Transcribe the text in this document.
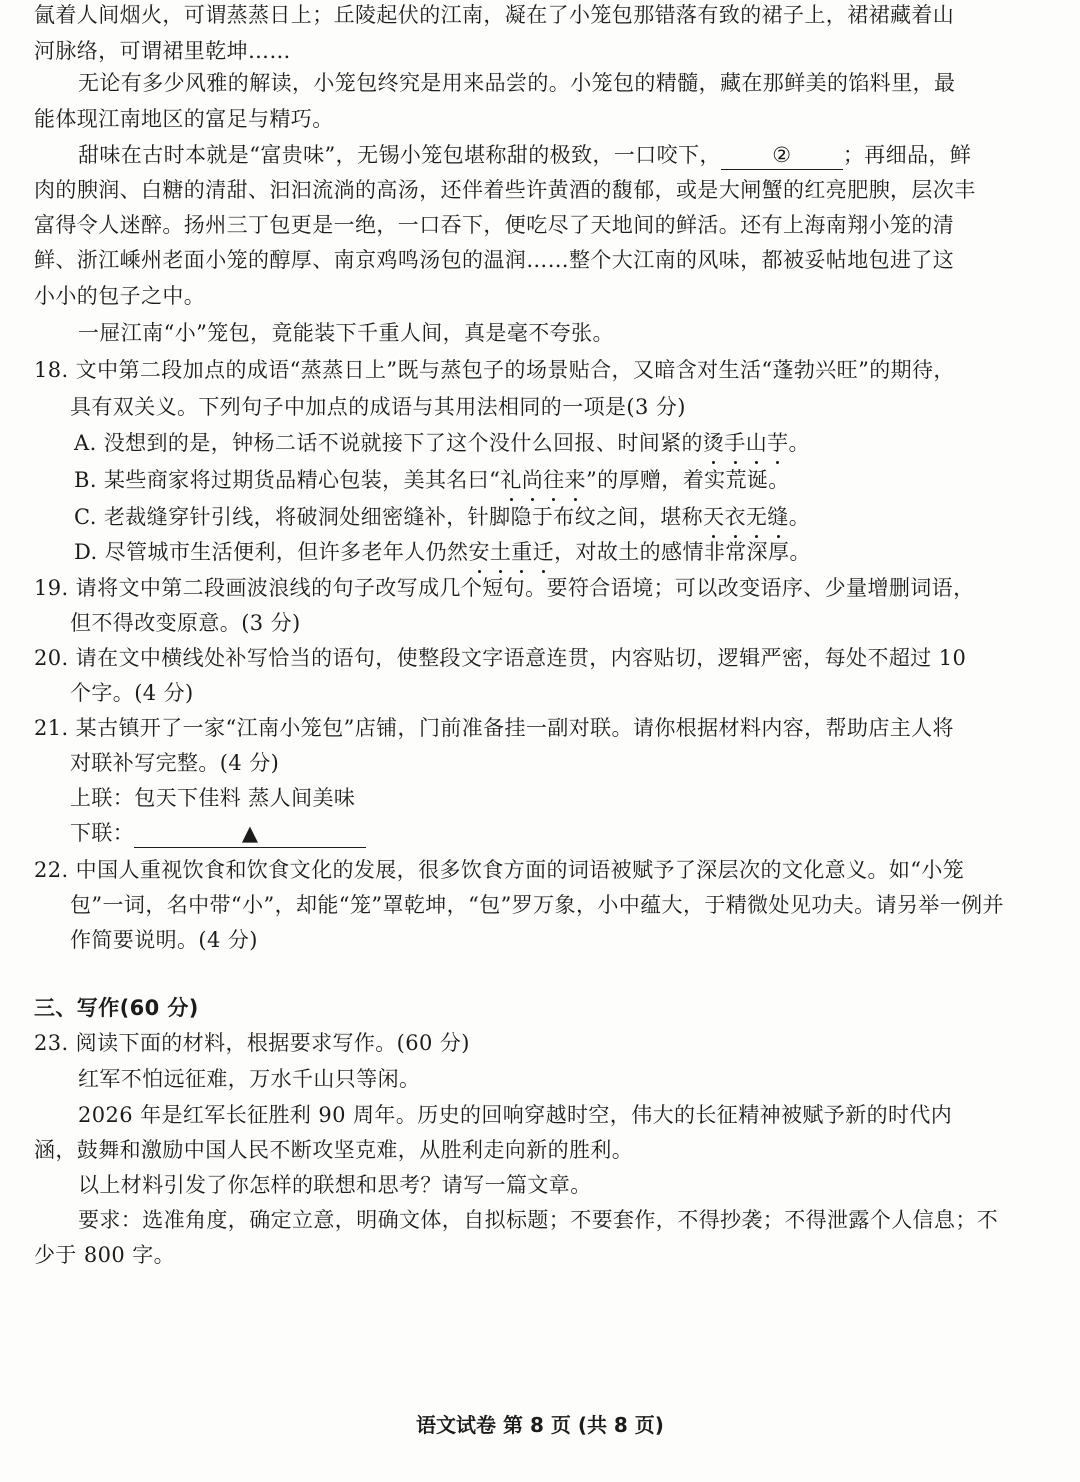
氤着人间烟火，可谓蒸蒸日上；丘陵起伏的江南，凝在了小笼包那错落有致的裙子上，裙裙藏着山
河脉络，可谓裙里乾坤……
无论有多少风雅的解读，小笼包终究是用来品尝的。小笼包的精髓，藏在那鲜美的馅料里，最
能体现江南地区的富足与精巧。
甜味在古时本就是“富贵味”，无锡小笼包堪称甜的极致，一口咬下， ② ；再细品，鲜
肉的腴润、白糖的清甜、汩汩流淌的高汤，还伴着些许黄酒的馥郁，或是大闸蟹的红亮肥腴，层次丰
富得令人迷醉。扬州三丁包更是一绝，一口吞下，便吃尽了天地间的鲜活。还有上海南翔小笼的清
鲜、浙江嵊州老面小笼的醇厚、南京鸡鸣汤包的温润……整个大江南的风味，都被妥帖地包进了这
小小的包子之中。
一屉江南“小”笼包，竟能装下千重人间，真是毫不夸张。
18. 文中第二段加点的成语“蒸蒸日上”既与蒸包子的场景贴合，又暗含对生活“蓬勃兴旺”的期待，
具有双关义。下列句子中加点的成语与其用法相同的一项是(3 分)
A. 没想到的是，钟杨二话不说就接下了这个没什么回报、时间紧的烫手山芋。
B. 某些商家将过期货品精心包装，美其名曰“礼尚往来”的厚赠，着实荒诞。
C. 老裁缝穿针引线，将破洞处细密缝补，针脚隐于布纹之间，堪称天衣无缝。
D. 尽管城市生活便利，但许多老年人仍然安土重迁，对故土的感情非常深厚。
19. 请将文中第二段画波浪线的句子改写成几个短句。要符合语境；可以改变语序、少量增删词语，
但不得改变原意。(3 分)
20. 请在文中横线处补写恰当的语句，使整段文字语意连贯，内容贴切，逻辑严密，每处不超过 10
个字。(4 分)
21. 某古镇开了一家“江南小笼包”店铺，门前准备挂一副对联。请你根据材料内容，帮助店主人将
对联补写完整。(4 分)
上联：包天下佳料 蒸人间美味
下联：	▲
22. 中国人重视饮食和饮食文化的发展，很多饮食方面的词语被赋予了深层次的文化意义。如“小笼
包”一词，名中带“小”，却能“笼”罩乾坤，“包”罗万象，小中蕴大，于精微处见功夫。请另举一例并
作简要说明。(4 分)
三、写作(60 分)
23. 阅读下面的材料，根据要求写作。(60 分)
红军不怕远征难，万水千山只等闲。
2026 年是红军长征胜利 90 周年。历史的回响穿越时空，伟大的长征精神被赋予新的时代内
涵，鼓舞和激励中国人民不断攻坚克难，从胜利走向新的胜利。
以上材料引发了你怎样的联想和思考？请写一篇文章。
要求：选准角度，确定立意，明确文体，自拟标题；不要套作，不得抄袭；不得泄露个人信息；不
少于 800 字。
语文试卷 第 8 页 (共 8 页)
